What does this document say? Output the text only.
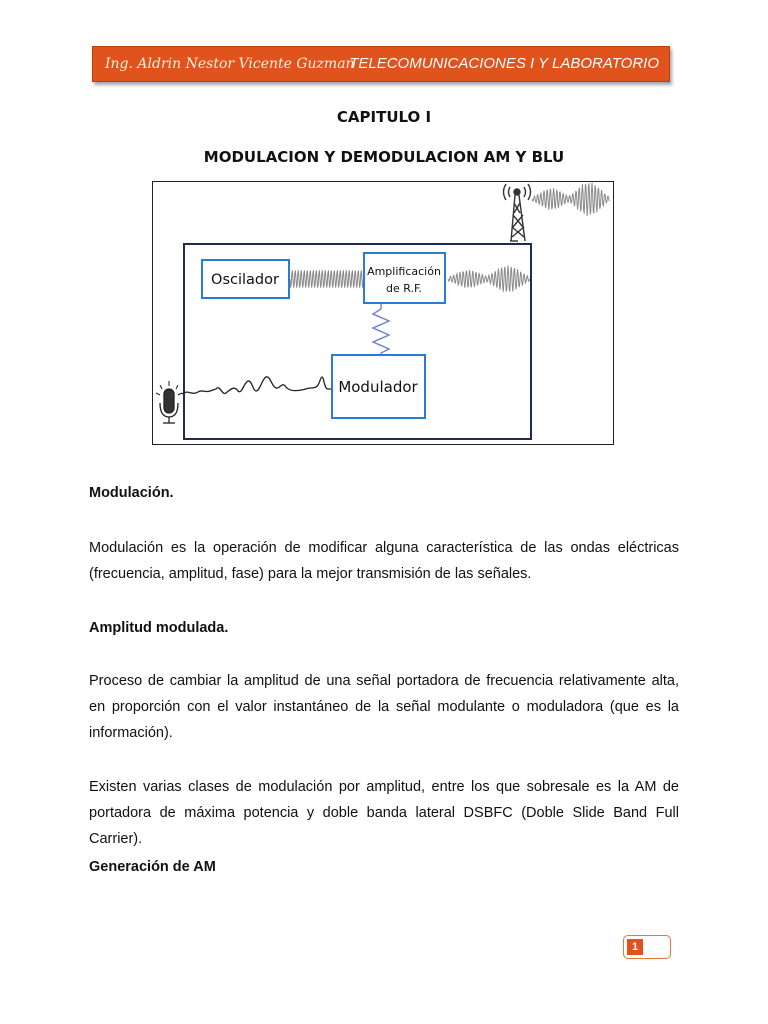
Ing. Aldrin Nestor Vicente Guzman
TELECOMUNICACIONES I Y LABORATORIO
CAPITULO I
MODULACION Y DEMODULACION AM Y BLU
Oscilador
Amplificación
de R.F.
Modulador
Modulación.
Modulación es la operación de modificar alguna característica de las ondas eléctricas
(frecuencia, amplitud, fase) para la mejor transmisión de las señales.
Amplitud modulada.
Proceso de cambiar la amplitud de una señal portadora de frecuencia relativamente alta,
en proporción con el valor instantáneo de la señal modulante o moduladora (que es la
información).
Existen varias clases de modulación por amplitud, entre los que sobresale es la AM de
portadora de máxima potencia y doble banda lateral DSBFC (Doble Slide Band Full
Carrier).
Generación de AM
1
